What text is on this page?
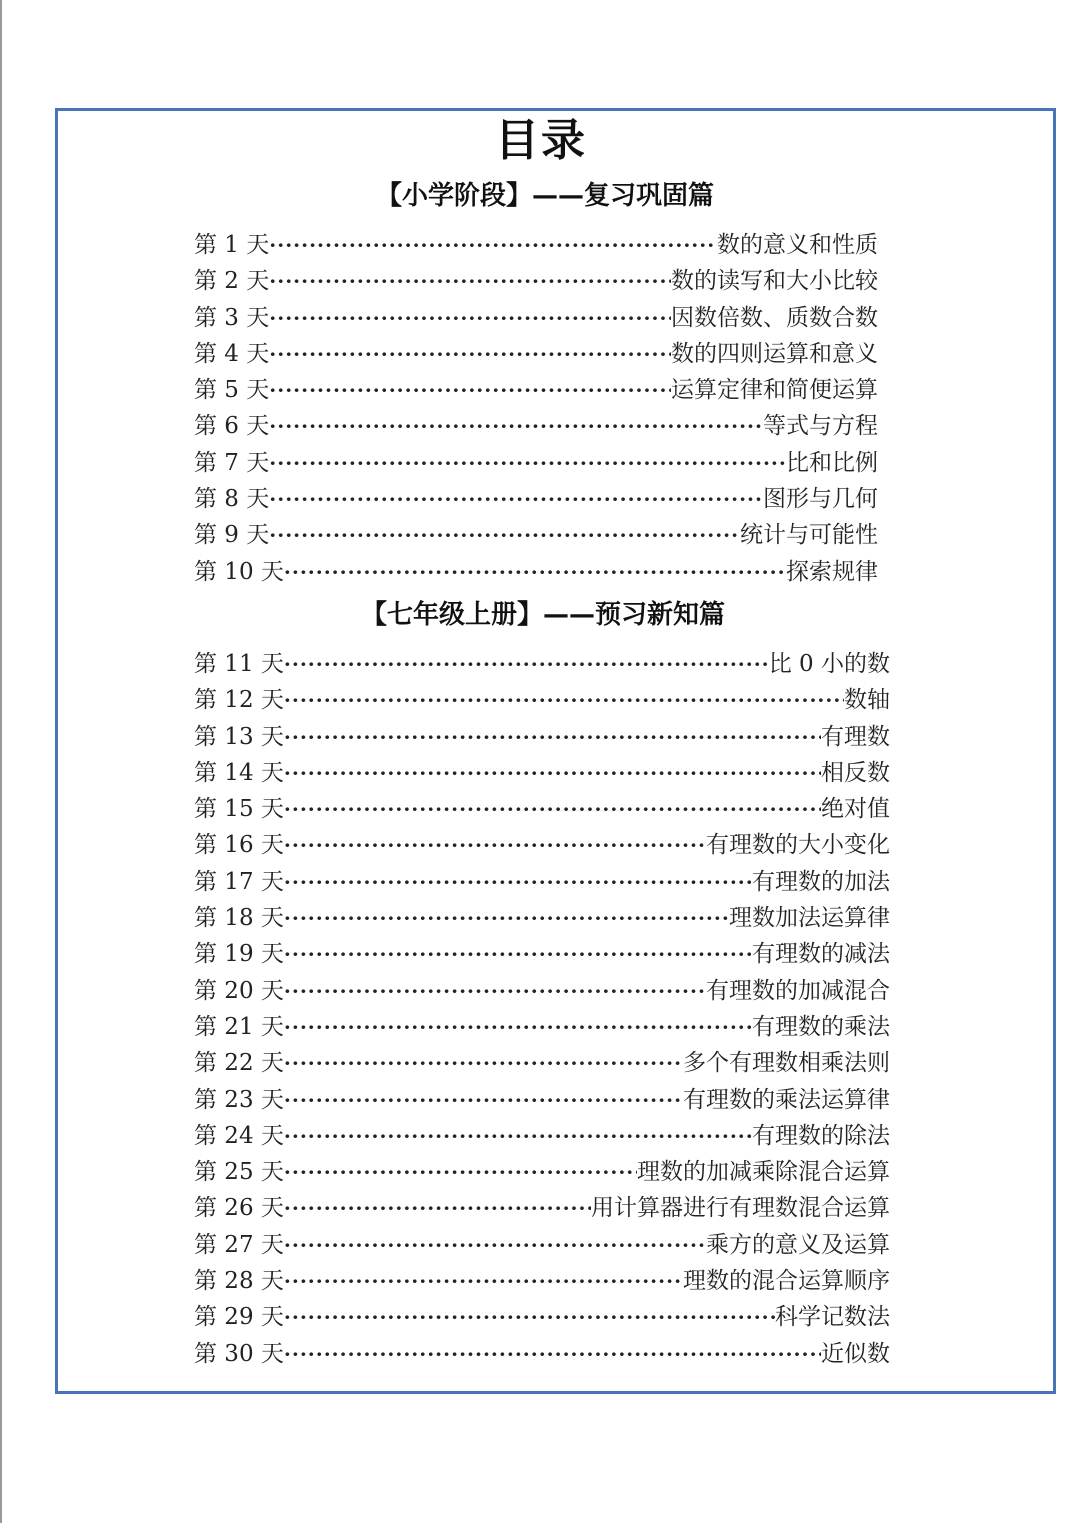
目录
【小学阶段】——复习巩固篇
第 1 天 ·····	数的意义和性质
第 2 天 ·····	数的读写和大小比较
第 3 天 ·····	因数倍数、质数合数
第 4 天 ·····	数的四则运算和意义
第 5 天 ·····	运算定律和简便运算
第 6 天 ·····	等式与方程
第 7 天 ·····	比和比例
第 8 天 ·····	图形与几何
第 9 天 ·····	统计与可能性
第 10 天 ·····	探索规律
【七年级上册】——预习新知篇
第 11 天 ·····	比 0 小的数
第 12 天 ·····	数轴
第 13 天 ·····	有理数
第 14 天 ·····	相反数
第 15 天 ·····	绝对值
第 16 天 ·····	有理数的大小变化
第 17 天 ·····	有理数的加法
第 18 天 ·····	理数加法运算律
第 19 天 ·····	有理数的减法
第 20 天 ·····	有理数的加减混合
第 21 天 ·····	有理数的乘法
第 22 天 ·····	多个有理数相乘法则
第 23 天 ·····	有理数的乘法运算律
第 24 天 ·····	有理数的除法
第 25 天 ·····	理数的加减乘除混合运算
第 26 天 ·····	用计算器进行有理数混合运算
第 27 天 ·····	乘方的意义及运算
第 28 天 ·····	理数的混合运算顺序
第 29 天 ·····	科学记数法
第 30 天 ·····	近似数
